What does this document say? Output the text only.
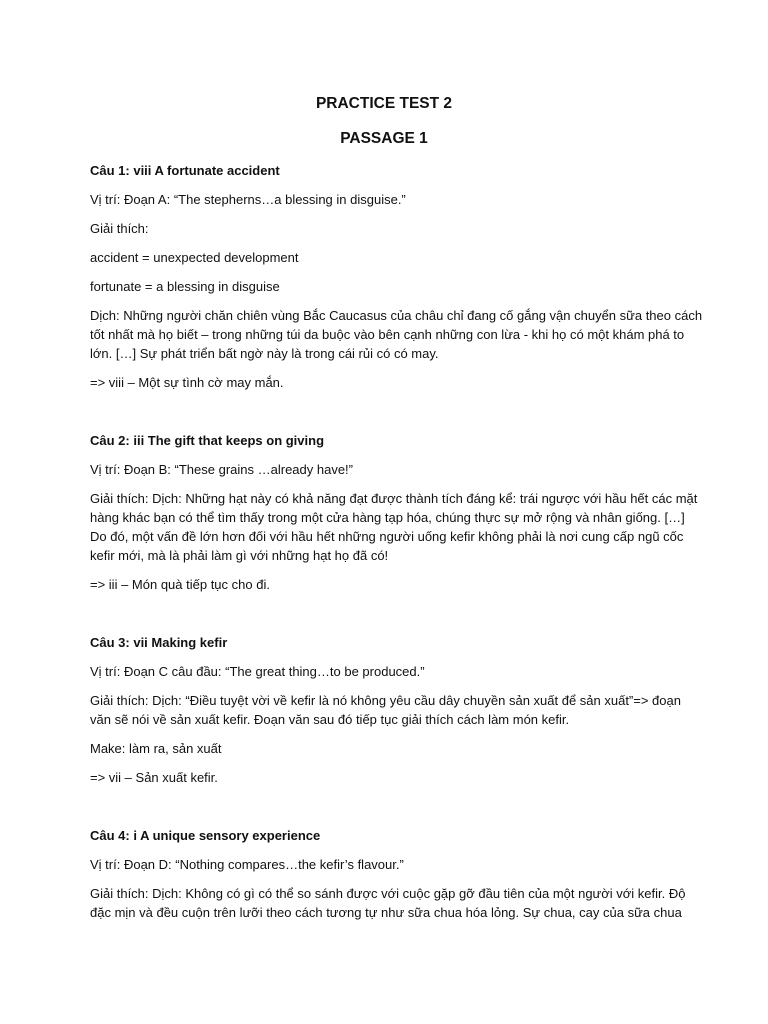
PRACTICE TEST 2
PASSAGE 1
Câu 1: viii A fortunate accident
Vị trí: Đoạn A: “The stepherns…a blessing in disguise.”
Giải thích:
accident = unexpected development
fortunate = a blessing in disguise
Dịch: Những người chăn chiên vùng Bắc Caucasus của châu chỉ đang cố gắng vận chuyển sữa theo cách
tốt nhất mà họ biết – trong những túi da buộc vào bên cạnh những con lừa - khi họ có một khám phá to
lớn. […] Sự phát triển bất ngờ này là trong cái rủi có có may.
=> viii – Một sự tình cờ may mắn.
Câu 2: iii The gift that keeps on giving
Vị trí: Đoạn B: “These grains …already have!”
Giải thích: Dịch: Những hạt này có khả năng đạt được thành tích đáng kể: trái ngược với hầu hết các mặt
hàng khác bạn có thể tìm thấy trong một cửa hàng tạp hóa, chúng thực sự mở rộng và nhân giống. […]
Do đó, một vấn đề lớn hơn đối với hầu hết những người uống kefir không phải là nơi cung cấp ngũ cốc
kefir mới, mà là phải làm gì với những hạt họ đã có!
=> iii – Món quà tiếp tục cho đi.
Câu 3: vii Making kefir
Vị trí: Đoạn C câu đầu: “The great thing…to be produced.”
Giải thích: Dịch: “Điều tuyệt vời về kefir là nó không yêu cầu dây chuyền sản xuất để sản xuất”=> đoạn
văn sẽ nói về sản xuất kefir. Đoạn văn sau đó tiếp tục giải thích cách làm món kefir.
Make: làm ra, sản xuất
=> vii – Sản xuất kefir.
Câu 4: i A unique sensory experience
Vị trí: Đoạn D: “Nothing compares…the kefir’s flavour.”
Giải thích: Dịch: Không có gì có thể so sánh được với cuộc gặp gỡ đầu tiên của một người với kefir. Độ
đặc mịn và đều cuộn trên lưỡi theo cách tương tự như sữa chua hóa lỏng. Sự chua, cay của sữa chua
